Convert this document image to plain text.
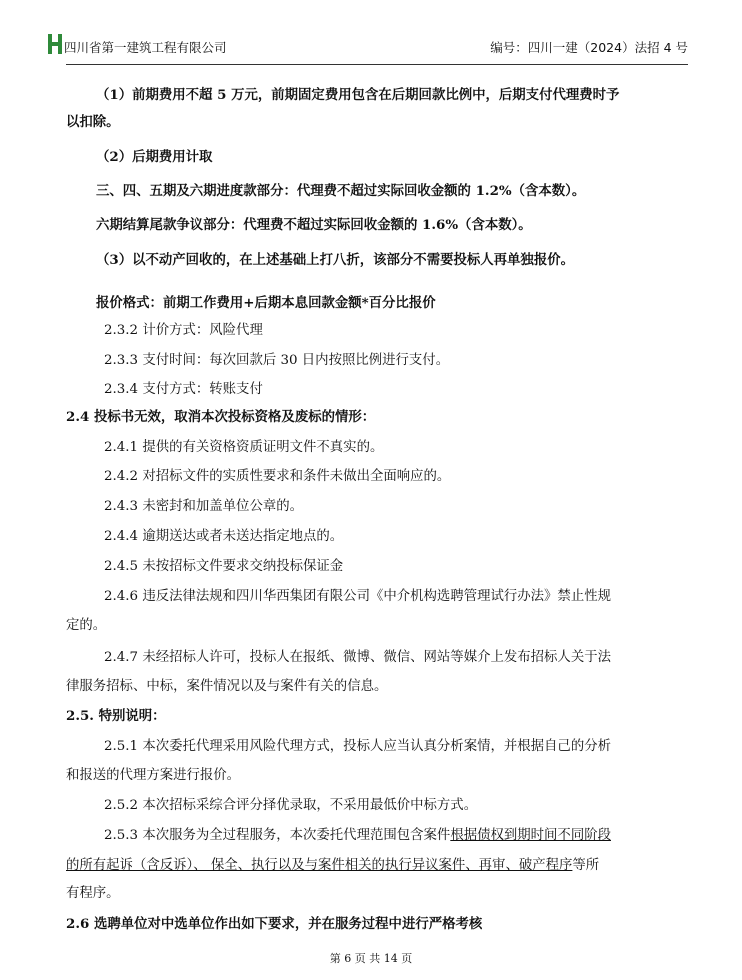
四川省第一建筑工程有限公司	编号：四川一建（2024）法招 4 号
（1）前期费用不超 5 万元，前期固定费用包含在后期回款比例中，后期支付代理费时予
以扣除。
（2）后期费用计取
三、四、五期及六期进度款部分：代理费不超过实际回收金额的 1.2%（含本数）。
六期结算尾款争议部分：代理费不超过实际回收金额的 1.6%（含本数）。
（3）以不动产回收的，在上述基础上打八折，该部分不需要投标人再单独报价。
报价格式：前期工作费用+后期本息回款金额*百分比报价
2.3.2 计价方式：风险代理
2.3.3 支付时间：每次回款后 30 日内按照比例进行支付。
2.3.4 支付方式：转账支付
2.4 投标书无效，取消本次投标资格及废标的情形：
2.4.1 提供的有关资格资质证明文件不真实的。
2.4.2 对招标文件的实质性要求和条件未做出全面响应的。
2.4.3 未密封和加盖单位公章的。
2.4.4 逾期送达或者未送达指定地点的。
2.4.5 未按招标文件要求交纳投标保证金
2.4.6 违反法律法规和四川华西集团有限公司《中介机构选聘管理试行办法》禁止性规
定的。
2.4.7 未经招标人许可，投标人在报纸、微博、微信、网站等媒介上发布招标人关于法
律服务招标、中标，案件情况以及与案件有关的信息。
2.5. 特别说明：
2.5.1 本次委托代理采用风险代理方式，投标人应当认真分析案情，并根据自己的分析
和报送的代理方案进行报价。
2.5.2 本次招标采综合评分择优录取，不采用最低价中标方式。
2.5.3 本次服务为全过程服务，本次委托代理范围包含案件根据债权到期时间不同阶段
的所有起诉（含反诉）、 保全、执行以及与案件相关的执行异议案件、再审、破产程序等所
有程序。
2.6 选聘单位对中选单位作出如下要求，并在服务过程中进行严格考核
第 6 页 共 14 页
